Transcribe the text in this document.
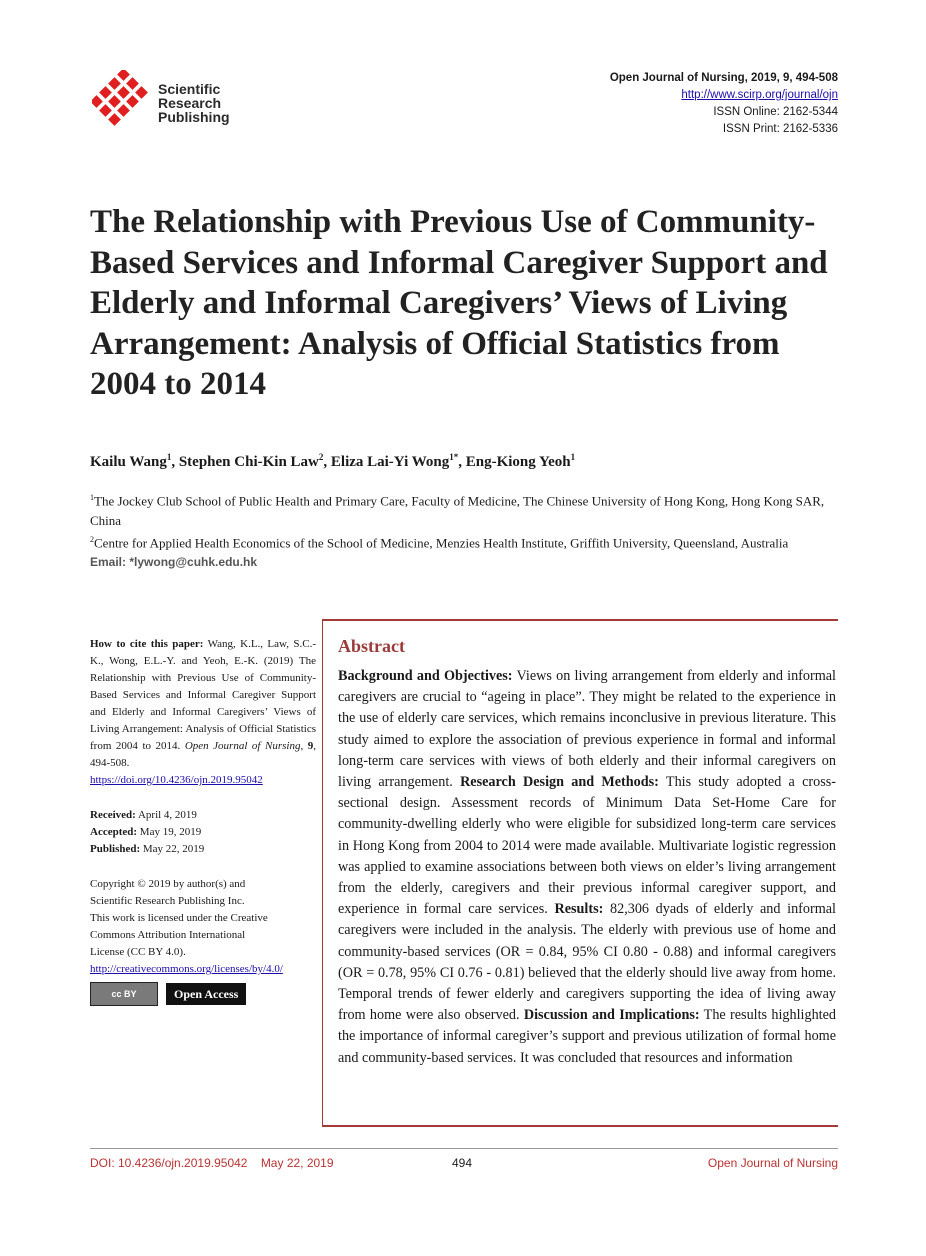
Scientific
Research
Publishing
Open Journal of Nursing, 2019, 9, 494-508
http://www.scirp.org/journal/ojn
ISSN Online: 2162-5344
ISSN Print: 2162-5336
The Relationship with Previous Use of Community-Based Services and Informal Caregiver Support and Elderly and Informal Caregivers’ Views of Living Arrangement: Analysis of Official Statistics from 2004 to 2014
Kailu Wang$^1$, Stephen Chi-Kin Law$^2$, Eliza Lai-Yi Wong$^{1*}$, Eng-Kiong Yeoh$^1$
$^1$The Jockey Club School of Public Health and Primary Care, Faculty of Medicine, The Chinese University of Hong Kong, Hong Kong SAR, China
$^2$Centre for Applied Health Economics of the School of Medicine, Menzies Health Institute, Griffith University, Queensland, Australia
Email: *lywong@cuhk.edu.hk
How to cite this paper: Wang, K.L., Law, S.C.-K., Wong, E.L.-Y. and Yeoh, E.-K. (2019) The Relationship with Previous Use of Community-Based Services and Informal Caregiver Support and Elderly and Informal Caregivers’ Views of Living Arrangement: Analysis of Official Statistics from 2004 to 2014. Open Journal of Nursing, 9, 494-508.
https://doi.org/10.4236/ojn.2019.95042
Received: April 4, 2019
Accepted: May 19, 2019
Published: May 22, 2019
Copyright © 2019 by author(s) and
Scientific Research Publishing Inc.
This work is licensed under the Creative
Commons Attribution International
License (CC BY 4.0).
http://creativecommons.org/licenses/by/4.0/
cc BY	Open Access
Abstract
Background and Objectives: Views on living arrangement from elderly and informal caregivers are crucial to “ageing in place”. They might be related to the experience in the use of elderly care services, which remains inconclusive in previous literature. This study aimed to explore the association of previous experience in formal and informal long-term care services with views of both elderly and their informal caregivers on living arrangement. Research Design and Methods: This study adopted a cross-sectional design. Assessment records of Minimum Data Set-Home Care for community-dwelling elderly who were eligible for subsidized long-term care services in Hong Kong from 2004 to 2014 were made available. Multivariate logistic regression was applied to examine associations between both views on elder’s living arrangement from the elderly, caregivers and their previous informal caregiver support, and experience in formal care services. Results: 82,306 dyads of elderly and informal caregivers were included in the analysis. The elderly with previous use of home and community-based services (OR = 0.84, 95% CI 0.80 - 0.88) and informal caregivers (OR = 0.78, 95% CI 0.76 - 0.81) believed that the elderly should live away from home. Temporal trends of fewer elderly and caregivers supporting the idea of living away from home were also observed. Discussion and Implications: The results highlighted the importance of informal caregiver’s support and previous utilization of formal home and community-based services. It was concluded that resources and information
DOI: 10.4236/ojn.2019.95042 May 22, 2019	494	Open Journal of Nursing
